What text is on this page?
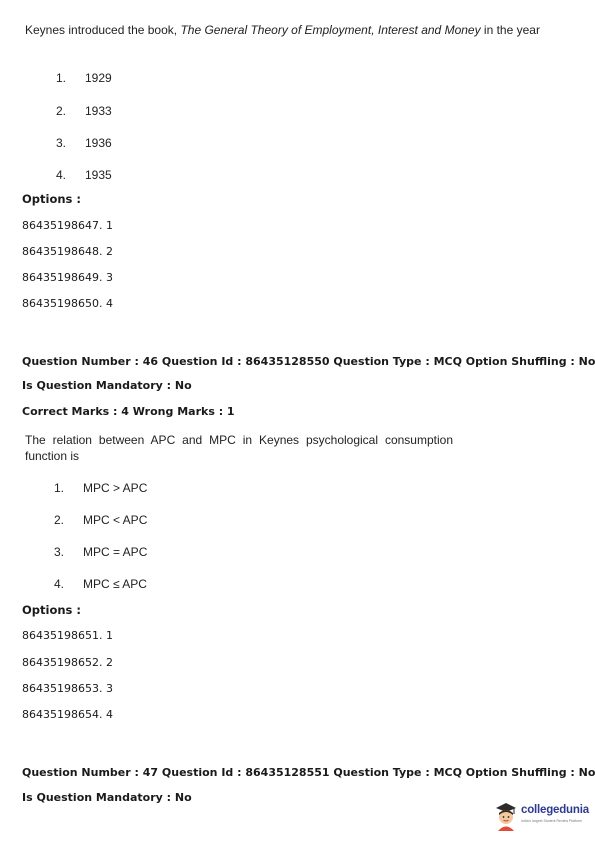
Keynes introduced the book, The General Theory of Employment, Interest and Money in the year
1. 1929
2. 1933
3. 1936
4. 1935
Options :
86435198647. 1
86435198648. 2
86435198649. 3
86435198650. 4
Question Number : 46 Question Id : 86435128550 Question Type : MCQ Option Shuffling : No
Is Question Mandatory : No
Correct Marks : 4 Wrong Marks : 1
The relation between APC and MPC in Keynes psychological consumption function is
1. MPC > APC
2. MPC < APC
3. MPC = APC
4. MPC ≤ APC
Options :
86435198651. 1
86435198652. 2
86435198653. 3
86435198654. 4
Question Number : 47 Question Id : 86435128551 Question Type : MCQ Option Shuffling : No
Is Question Mandatory : No
collegedunia
India's largest Student Review Platform
